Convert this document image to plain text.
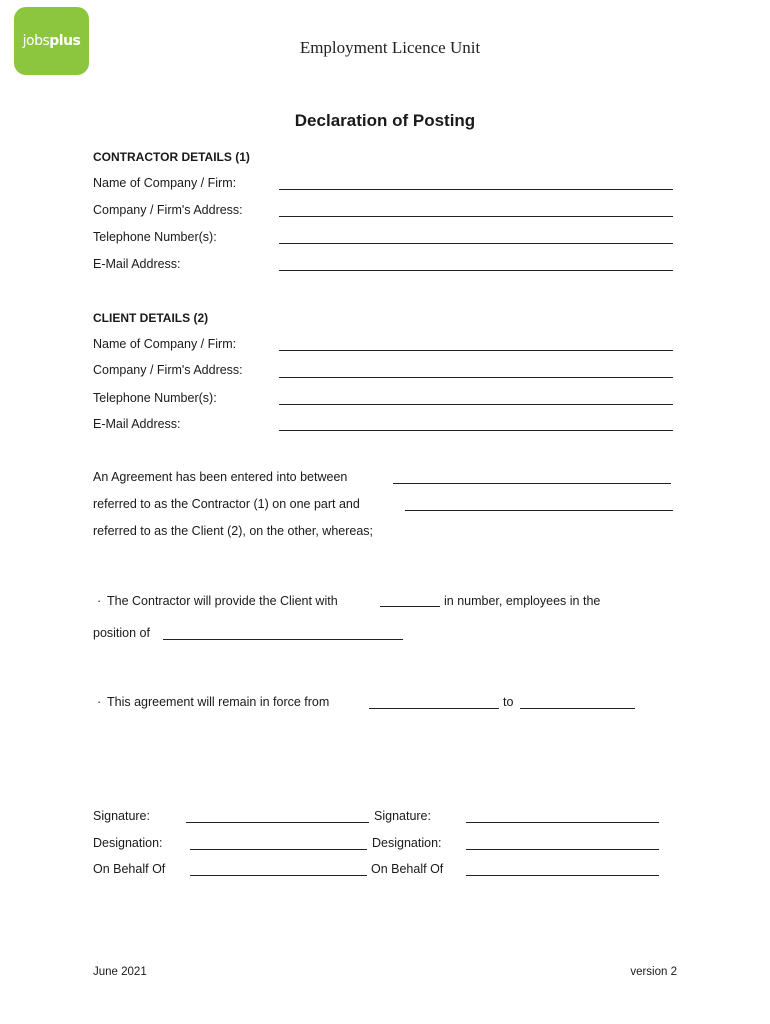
jobs plus	Employment Licence Unit
Declaration of Posting
CONTRACTOR DETAILS (1)
Name of Company / Firm:
Company / Firm's Address:
Telephone Number(s):
E-Mail Address:
CLIENT DETAILS (2)
Name of Company / Firm:
Company / Firm's Address:
Telephone Number(s):
E-Mail Address:
An Agreement has been entered into between
referred to as the Contractor (1) on one part and
referred to as the Client (2), on the other, whereas;
· The Contractor will provide the Client with	in number, employees in the
position of
· This agreement will remain in force from	to
Signature:
Designation:
On Behalf Of
Signature:
Designation:
On Behalf Of
June 2021	version 2
